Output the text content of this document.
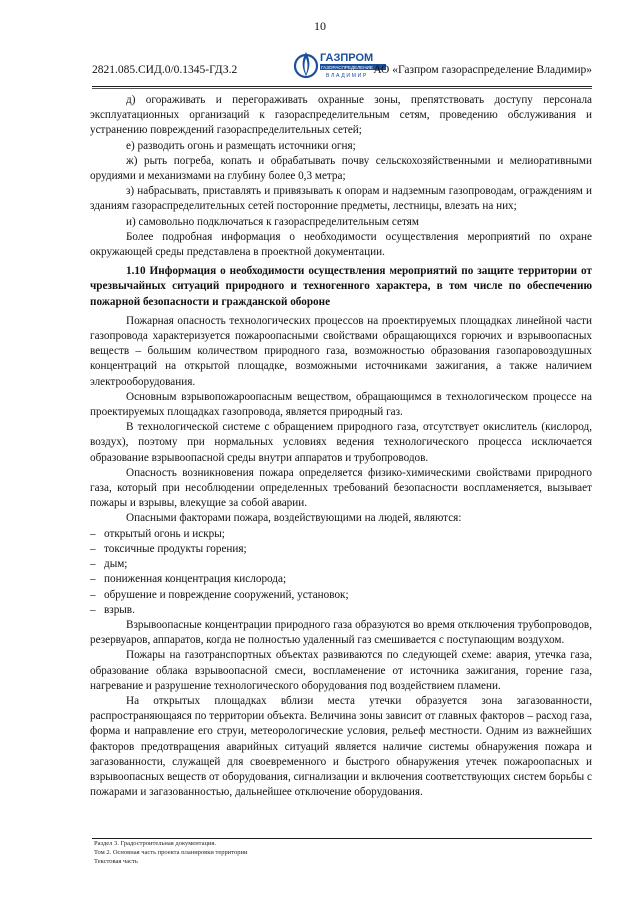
10
2821.085.СИД.0/0.1345-ГДЗ.2
ГАЗПРОМ
ГАЗОРАСПРЕДЕЛЕНИЕ
ВЛАДИМИР АО «Газпром газораспределение Владимир»

д) огораживать и перегораживать охранные зоны, препятствовать доступу персонала эксплуатационных организаций к газораспределительным сетям, проведению обслуживания и устранению повреждений газораспределительных сетей;

е) разводить огонь и размещать источники огня;

ж) рыть погреба, копать и обрабатывать почву сельскохозяйственными и мелиоративными орудиями и механизмами на глубину более 0,3 метра;

з) набрасывать, приставлять и привязывать к опорам и надземным газопроводам, ограждениям и зданиям газораспределительных сетей посторонние предметы, лестницы, влезать на них;

и) самовольно подключаться к газораспределительным сетям

Более подробная информация о необходимости осуществления мероприятий по охране окружающей среды представлена в проектной документации.

1.10 Информация о необходимости осуществления мероприятий по защите территории от чрезвычайных ситуаций природного и техногенного характера, в том числе по обеспечению пожарной безопасности и гражданской обороне

Пожарная опасность технологических процессов на проектируемых площадках линейной части газопровода характеризуется пожароопасными свойствами обращающихся горючих и взрывоопасных веществ – большим количеством природного газа, возможностью образования газопаровоздушных концентраций на открытой площадке, возможными источниками зажигания, а также наличием электрооборудования.

Основным взрывопожароопасным веществом, обращающимся в технологическом процессе на проектируемых площадках газопровода, является природный газ.

В технологической системе с обращением природного газа, отсутствует окислитель (кислород, воздух), поэтому при нормальных условиях ведения технологического процесса исключается образование взрывоопасной среды внутри аппаратов и трубопроводов.

Опасность возникновения пожара определяется физико-химическими свойствами природного газа, который при несоблюдении определенных требований безопасности воспламеняется, вызывает пожары и взрывы, влекущие за собой аварии.

Опасными факторами пожара, воздействующими на людей, являются:

– открытый огонь и искры;
– токсичные продукты горения;
– дым;
– пониженная концентрация кислорода;
– обрушение и повреждение сооружений, установок;
– взрыв.

Взрывоопасные концентрации природного газа образуются во время отключения трубопроводов, резервуаров, аппаратов, когда не полностью удаленный газ смешивается с поступающим воздухом.

Пожары на газотранспортных объектах развиваются по следующей схеме: авария, утечка газа, образование облака взрывоопасной смеси, воспламенение от источника зажигания, горение газа, нагревание и разрушение технологического оборудования под воздействием пламени.

На открытых площадках вблизи места утечки образуется зона загазованности, распространяющаяся по территории объекта. Величина зоны зависит от главных факторов – расход газа, форма и направление его струи, метеорологические условия, рельеф местности. Одним из важнейших факторов предотвращения аварийных ситуаций является наличие системы обнаружения пожара и загазованности, служащей для своевременного и быстрого обнаружения утечек пожароопасных и взрывоопасных веществ от оборудования, сигнализации и включения соответствующих систем борьбы с пожарами и загазованностью, дальнейшее отключение оборудования.

Раздел 3. Градостроительная документация.
Том 2. Основная часть проекта планировки территории
Текстовая часть
